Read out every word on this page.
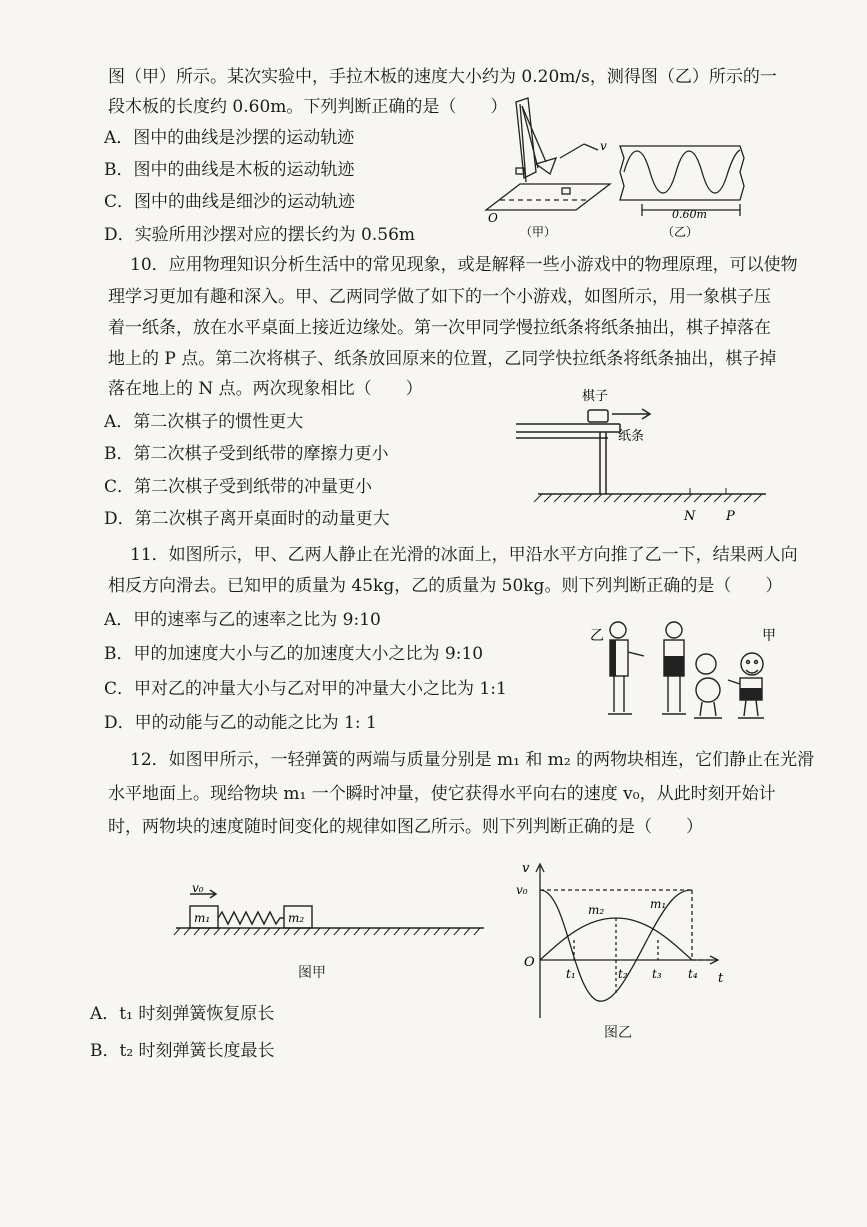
图（甲）所示。某次实验中，手拉木板的速度大小约为 0.20m/s，测得图（乙）所示的一
段木板的长度约 0.60m。下列判断正确的是（　　）
A．图中的曲线是沙摆的运动轨迹
B．图中的曲线是木板的运动轨迹
C．图中的曲线是细沙的运动轨迹
D．实验所用沙摆对应的摆长约为 0.56m
O
v
（甲）
0.60m
（乙）
10．应用物理知识分析生活中的常见现象，或是解释一些小游戏中的物理原理，可以使物
理学习更加有趣和深入。甲、乙两同学做了如下的一个小游戏，如图所示，用一象棋子压
着一纸条，放在水平桌面上接近边缘处。第一次甲同学慢拉纸条将纸条抽出，棋子掉落在
地上的 P 点。第二次将棋子、纸条放回原来的位置，乙同学快拉纸条将纸条抽出，棋子掉
落在地上的 N 点。两次现象相比（　　）
A．第二次棋子的惯性更大
B．第二次棋子受到纸带的摩擦力更小
C．第二次棋子受到纸带的冲量更小
D．第二次棋子离开桌面时的动量更大
棋子
纸条
N P
11．如图所示，甲、乙两人静止在光滑的冰面上，甲沿水平方向推了乙一下，结果两人向
相反方向滑去。已知甲的质量为 45kg，乙的质量为 50kg。则下列判断正确的是（　　）
A．甲的速率与乙的速率之比为 9:10
B．甲的加速度大小与乙的加速度大小之比为 9:10
C．甲对乙的冲量大小与乙对甲的冲量大小之比为 1:1
D．甲的动能与乙的动能之比为 1: 1
乙	甲
12．如图甲所示，一轻弹簧的两端与质量分别是 m₁ 和 m₂ 的两物块相连，它们静止在光滑
水平地面上。现给物块 m₁ 一个瞬时冲量，使它获得水平向右的速度 v₀，从此时刻开始计
时，两物块的速度随时间变化的规律如图乙所示。则下列判断正确的是（　　）
v₀
m₁	m₂
图甲
v
v₀
O
t
t₁	t₂ t₃ t₄
m₂	m₁
图乙
A．t₁ 时刻弹簧恢复原长
B．t₂ 时刻弹簧长度最长
